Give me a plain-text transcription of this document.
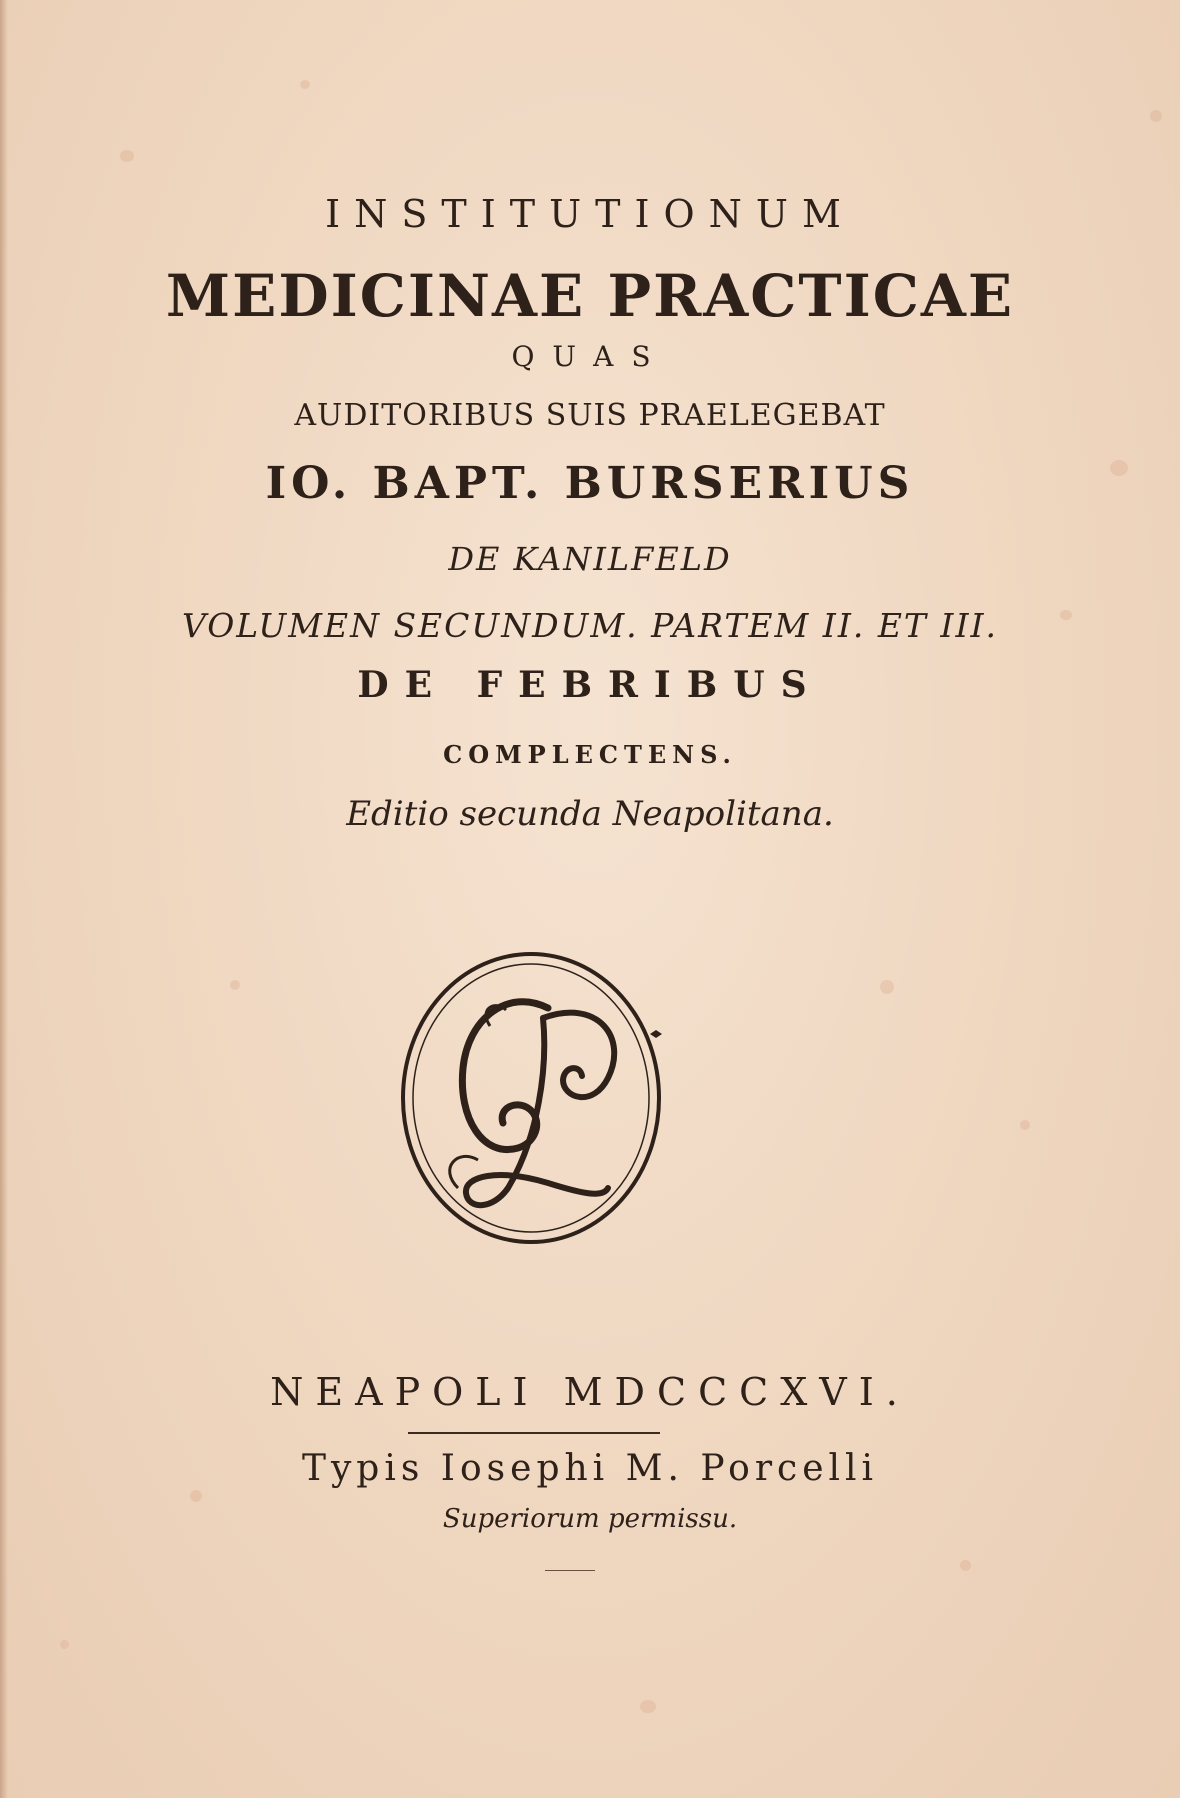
INSTITUTIONUM
MEDICINAE PRACTICAE
QUAS
AUDITORIBUS SUIS PRAELEGEBAT
IO. BAPT. BURSERIUS
DE KANILFELD
VOLUMEN SECUNDUM. PARTEM II. ET III.
DE FEBRIBUS
COMPLECTENS.
Editio secunda Neapolitana.
NEAPOLI MDCCCXVI.
Typis Iosephi M. Porcelli
Superiorum permissu.
